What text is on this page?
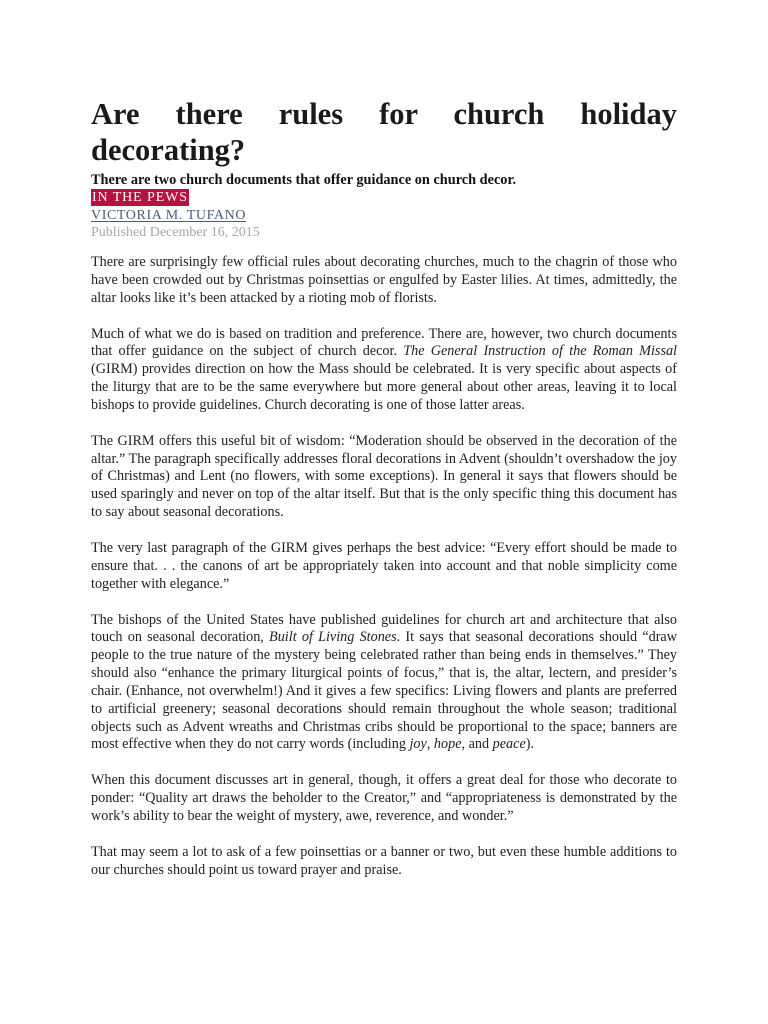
Are there rules for church holiday decorating?
There are two church documents that offer guidance on church decor.
IN THE PEWS
VICTORIA M. TUFANO
Published December 16, 2015

There are surprisingly few official rules about decorating churches, much to the chagrin of those who have been crowded out by Christmas poinsettias or engulfed by Easter lilies. At times, admittedly, the altar looks like it’s been attacked by a rioting mob of florists.

Much of what we do is based on tradition and preference. There are, however, two church documents that offer guidance on the subject of church decor. The General Instruction of the Roman Missal (GIRM) provides direction on how the Mass should be celebrated. It is very specific about aspects of the liturgy that are to be the same everywhere but more general about other areas, leaving it to local bishops to provide guidelines. Church decorating is one of those latter areas.

The GIRM offers this useful bit of wisdom: “Moderation should be observed in the decoration of the altar.” The paragraph specifically addresses floral decorations in Advent (shouldn’t overshadow the joy of Christmas) and Lent (no flowers, with some exceptions). In general it says that flowers should be used sparingly and never on top of the altar itself. But that is the only specific thing this document has to say about seasonal decorations.

The very last paragraph of the GIRM gives perhaps the best advice: “Every effort should be made to ensure that. . . the canons of art be appropriately taken into account and that noble simplicity come together with elegance.”

The bishops of the United States have published guidelines for church art and architecture that also touch on seasonal decoration, Built of Living Stones. It says that seasonal decorations should “draw people to the true nature of the mystery being celebrated rather than being ends in themselves.” They should also “enhance the primary liturgical points of focus,” that is, the altar, lectern, and presider’s chair. (Enhance, not overwhelm!) And it gives a few specifics: Living flowers and plants are preferred to artificial greenery; seasonal decorations should remain throughout the whole season; traditional objects such as Advent wreaths and Christmas cribs should be proportional to the space; banners are most effective when they do not carry words (including joy, hope, and peace).

When this document discusses art in general, though, it offers a great deal for those who decorate to ponder: “Quality art draws the beholder to the Creator,” and “appropriateness is demonstrated by the work’s ability to bear the weight of mystery, awe, reverence, and wonder.”

That may seem a lot to ask of a few poinsettias or a banner or two, but even these humble additions to our churches should point us toward prayer and praise.
